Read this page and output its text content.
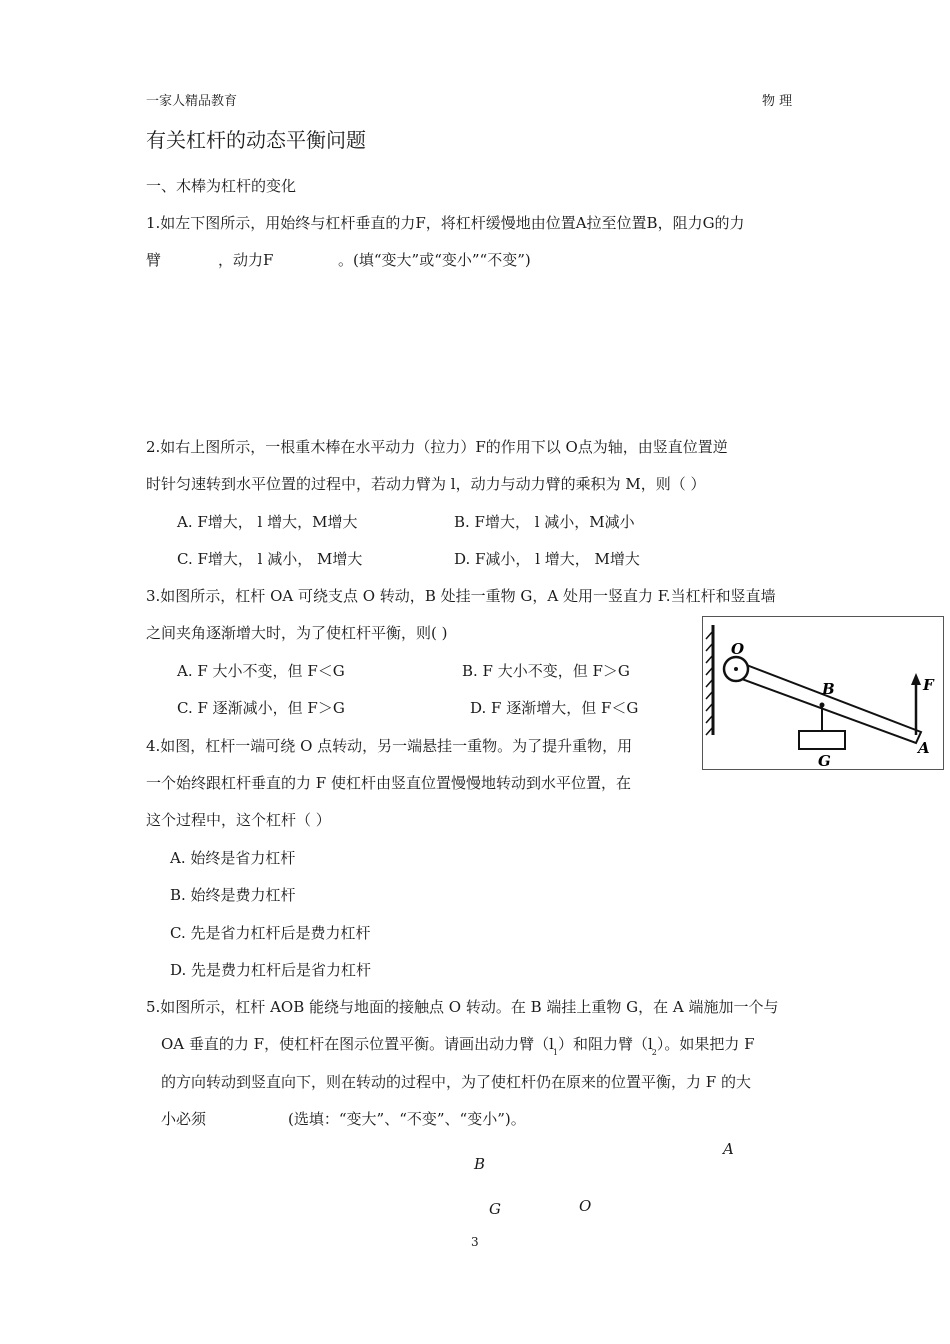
一家人精品教育	物 理
有关杠杆的动态平衡问题
一、木棒为杠杆的变化
1.如左下图所示，用始终与杠杆垂直的力F，将杠杆缓慢地由位置A拉至位置B，阻力G的力
臂	，动力F	。(填“变大”或“变小”“不变”)
2.如右上图所示，一根重木棒在水平动力（拉力）F的作用下以 O点为轴，由竖直位置逆
时针匀速转到水平位置的过程中，若动力臂为 l，动力与动力臂的乘积为 M，则（ ）
A. F增大， l 增大，M增大	B. F增大， l 减小，M减小
C. F增大， l 减小， M增大	D. F减小， l 增大， M增大
3.如图所示，杠杆 OA 可绕支点 O 转动，B 处挂一重物 G，A 处用一竖直力 F.当杠杆和竖直墙
之间夹角逐渐增大时，为了使杠杆平衡，则( )
A. F 大小不变，但 F＜G	B. F 大小不变，但 F＞G
C. F 逐渐减小，但 F＞G	D. F 逐渐增大，但 F＜G
O
B	F
A
G
4.如图，杠杆一端可绕 O 点转动，另一端悬挂一重物。为了提升重物，用
一个始终跟杠杆垂直的力 F 使杠杆由竖直位置慢慢地转动到水平位置，在
这个过程中，这个杠杆（ ）
A. 始终是省力杠杆
B. 始终是费力杠杆
C. 先是省力杠杆后是费力杠杆
D. 先是费力杠杆后是省力杠杆
5.如图所示，杠杆 AOB 能绕与地面的接触点 O 转动。在 B 端挂上重物 G，在 A 端施加一个与
OA 垂直的力 F，使杠杆在图示位置平衡。请画出动力臂$(l_1)$和阻力臂$(l_2)$。如果把力 F
的方向转动到竖直向下，则在转动的过程中，为了使杠杆仍在原来的位置平衡，力 F 的大
小必须	(选填：“变大”、“不变”、“变小”)。
A
B
G	O
3
